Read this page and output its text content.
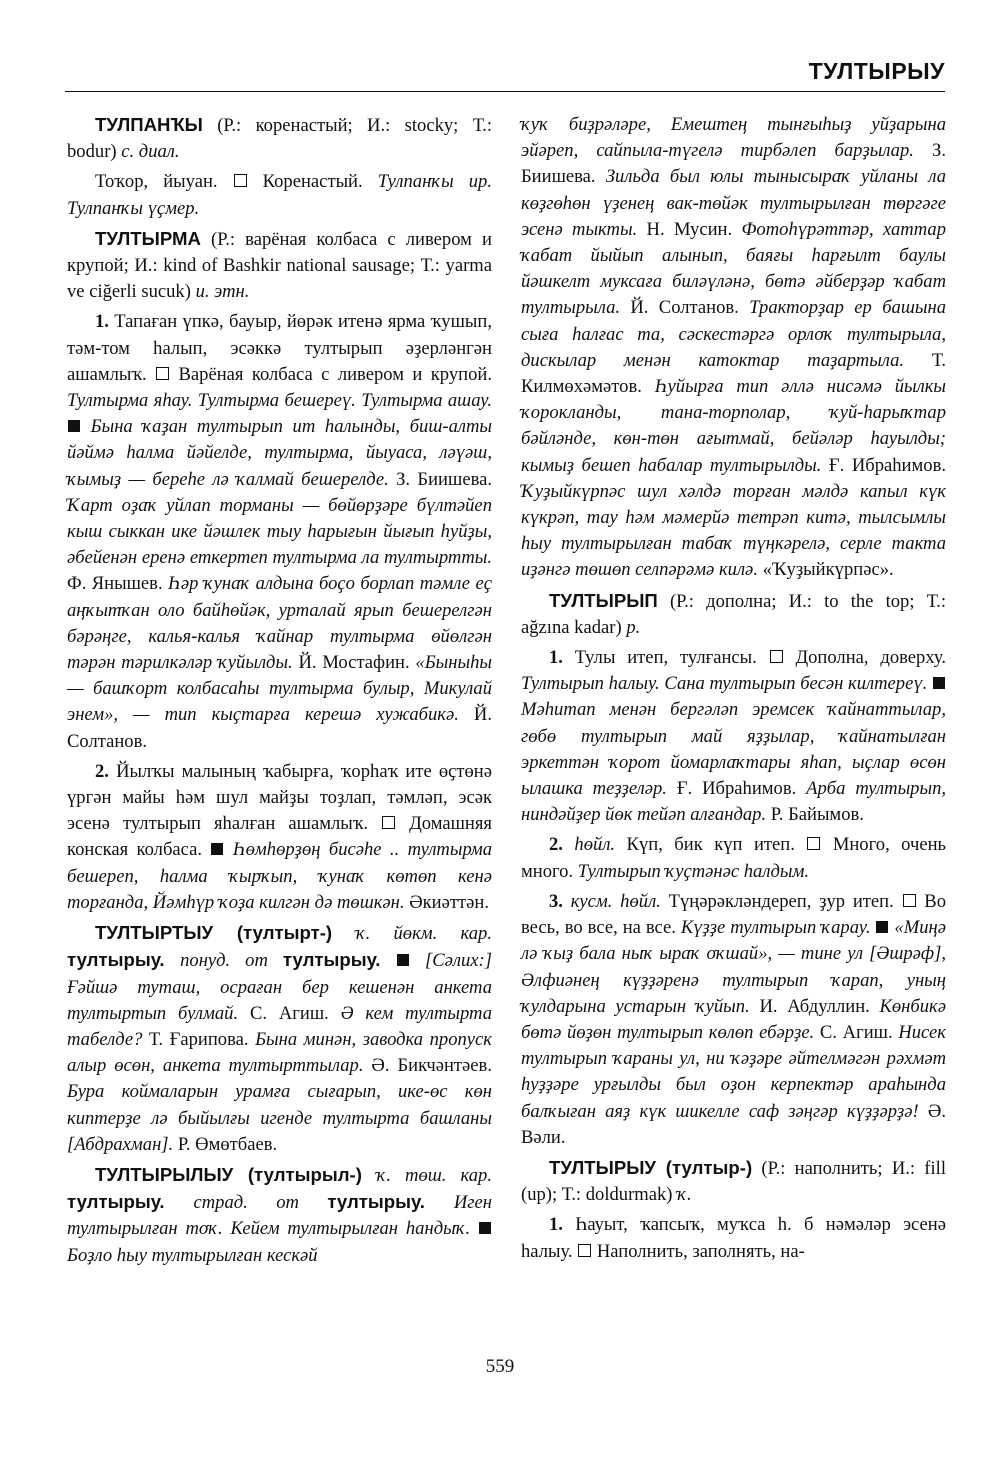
ТУЛТЫРЫУ

ТУЛПАНҠЫ (Р.: коренастый; И.: stocky; Т.: bodur) с. диал.

Тоҡор, йыуан.  Коренастый. Тулпанҡы ир. Тулпанҡы үҫмер.

ТУЛТЫРМА (Р.: варёная колбаса с ливером и крупой; И.: kind of Bashkir national sausage; Т.: yarma ve ciğerli sucuk) и. этн.

1. Тапаған үпкә, бауыр, йөрәк итенә ярма ҡушып, тәм-том һалып, эсәккә тултырып әҙерләнгән ашамлыҡ.  Варёная колбаса с ливером и крупой. Тултырма яһау. Тултырма бешереү. Тултырма ашау.  Бына ҡаҙан тултырып ит һалынды, биш-алты йәймә һалма йәйелде, тултырма, йыуаса, ләүәш, ҡымыҙ — береһе лә ҡалмай бешерелде. З. Биишева. Ҡарт оҙаҡ уйлап торманы — бөйөрҙәре бүлтәйеп кыш сыккан ике йәшлек тыу һарығын йығып һуйҙы, әбейенән еренә еткертеп тултырма ла тултыртты. Ф. Янышев. Һәр ҡунаҡ алдына боҫо борлап тәмле еҫ аңҡытҡан оло байһөйәк, урталай ярып бешерелгән бәрәңге, калья-калья ҡайнар тултырма өйөлгән тәрән тәрилкәләр ҡуйылды. Й. Мостафин. «Быныһы — башҡорт колбасаһы тултырма булыр, Микулай энем», — тип кыҫтарға керешә хужабикә. Й. Солтанов.

2. Йылҡы малының ҡабырға, ҡорһаҡ ите өҫтөнә үргән майы һәм шул майҙы тоҙлап, тәмләп, эсәк эсенә тултырып яһалған ашамлыҡ.  Домашняя конская колбаса.  Һөмһөрҙөң бисәһе .. тултырма бешереп, һалма ҡырҡып, ҡунаҡ көтөп кенә торғанда, Йәмһүр ҡоҙа килгән дә төшкән. Әкиәттән.

ТУЛТЫРТЫУ (тултырт-) ҡ. йөкм. кар. тултырыу. понуд. от тултырыу.  [Сәлих:] Ғәйшә туташ, осраған бер кешенән анкета тултыртып булмай. С. Агиш. Ә кем тултырта табелде? Т. Ғарипова. Бына минән, заводка пропуск алыр өсөн, анкета тултырттылар. Ә. Бикчәнтәев. Бура коймаларын урамға сығарып, ике-өс көн киптерҙе лә быйылғы игенде тултырта башланы [Абдрахман]. Р. Өмөтбаев.

ТУЛТЫРЫЛЫУ (тултырыл-) ҡ. төш. кар. тултырыу. страд. от тултырыу. Иген тултырылған тоҡ. Кейем тултырылған һандыҡ.  Боҙло һыу тултырылған кескәй

ҡуҡ биҙрәләре, Емештең тынғыһыҙ уйҙарына эйәреп, сайпыла-түгелә тирбәлеп барҙылар. З. Биишева. Зильда был юлы тынысыраҡ уйланы ла көҙгөһөн үҙенең вак-төйәк тултырылған төргәге эсенә тыкты. Н. Мусин. Фотоһүрәттәр, хаттар ҡабат йыйып алынып, баяғы һарғылт баулы йәшкелт муксаға биләүләнә, бөтә әйберҙәр ҡабат тултырыла. Й. Солтанов. Тракторҙар ер башына сыға һалғас та, сәскестәргә орлоҡ тултырыла, дискылар менән катоктар таҙартыла. Т. Килмөхәмәтов. Һуйырға тип әллә нисәмә йылкы ҡорокланды, тана-торполар, ҡуй-һарыҡтар бәйләнде, көн-төн ағытмай, бейәләр һауылды; кымыҙ бешеп һабалар тултырылды. Ғ. Ибраһимов. Ҡуҙыйкүрпәс шул хәлдә торған мәлдә капыл күк күкрәп, тау һәм мәмерйә тетрәп китә, тылсымлы һыу тултырылған табаҡ түңкәрелә, серле такта иҙәнгә төшөп селпәрәмә килә. «Ҡуҙыйкүрпәс».

ТУЛТЫРЫП (Р.: дополна; И.: to the top; Т.: ağzına kadar) р.

1. Тулы итеп, тулғансы.  Дополна, доверху. Тултырып һалыу. Сана тултырып бесән килтереү.  Мәһитап менән бергәләп эремсек ҡайнаттылар, гөбө тултырып май яҙҙылар, ҡайнатылған эркеттән ҡорот йомарлаҡтары яһап, ыҫлар өсөн ылашка теҙҙеләр. Ғ. Ибраһимов. Арба тултырып, ниндәйҙер йөк тейәп алғандар. Р. Байымов.

2. һөйл. Күп, бик күп итеп.  Много, очень много. Тултырып ҡуҫтәнәс һалдым.

3. кусм. һөйл. Түңәрәкләндереп, ҙур итеп.  Во весь, во все, на все. Күҙҙе тултырып ҡарау.  «Миңә лә ҡыҙ бала ныҡ ыраҡ оҡшай», — тине ул [Әшрәф], Әлфиәнең күҙҙәренә тултырып ҡарап, уның ҡулдарына устарын ҡуйып. И. Абдуллин. Көнбикә бөтә йөҙөн тултырып көлөп ебәрҙе. С. Агиш. Нисек тултырып ҡараны ул, ни ҡәҙәре әйтелмәгән рәхмәт һуҙҙәре урғылды был оҙон керпектәр араһында балҡыған аяҙ күк шикелле саф зәңгәр күҙҙәрҙә! Ә. Вәли.

ТУЛТЫРЫУ (тултыр-) (Р.: наполнить; И.: fill (up); Т.: doldurmak) ҡ.

1. Һауыт, ҡапсыҡ, муҡса һ. б нәмәләр эсенә һалыу.  Наполнить, заполнять, на-

559
